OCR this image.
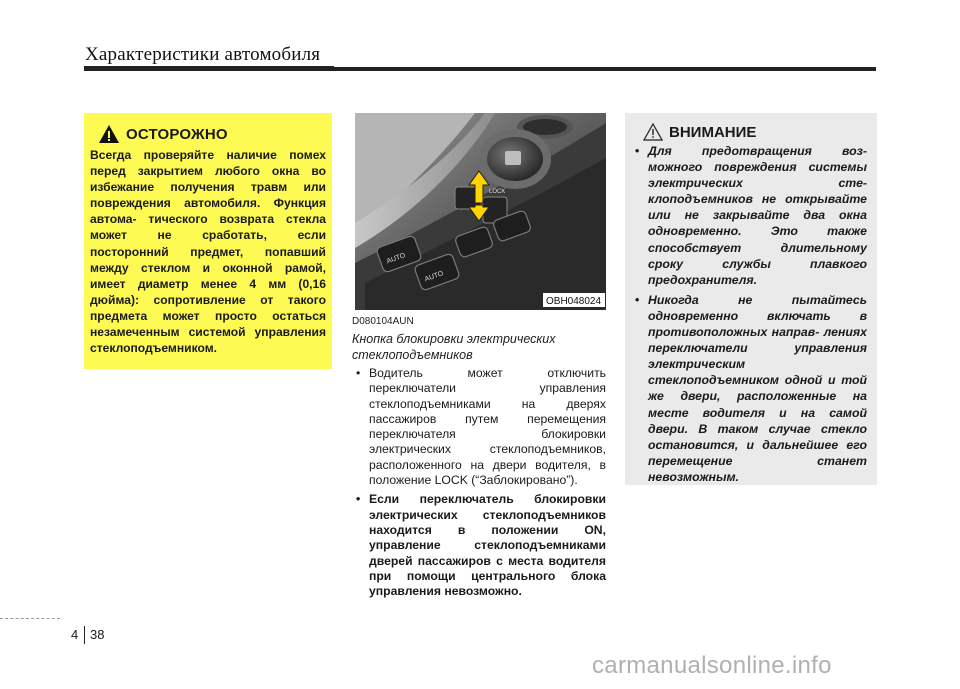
Характеристики автомобиля
ОСТОРОЖНО
Всегда проверяйте наличие помех перед закрытием любого окна во избежание получения травм или повреждения автомобиля. Функция автома- тического возврата стекла может не сработать, если посторонний предмет, попавший между стеклом и оконной рамой, имеет диаметр менее 4 мм (0,16 дюйма): сопротивление от такого предмета может просто остаться незамеченным системой управления стеклоподъемником.
LOCK
AUTO
AUTO
OBH048024
D080104AUN
Кнопка блокировки электрических стеклоподъемников
• Водитель может отключить переключатели управления стеклоподъемниками на дверях пассажиров путем перемещения переключателя блокировки электрических стеклоподъемников, расположенного на двери водителя, в положение LOCK (“Заблокировано”).
• Если переключатель блокировки электрических стеклоподъемников находится в положении ON, управление стеклоподъемниками дверей пассажиров с места водителя при помощи центрального блока управления невозможно.
ВНИМАНИЕ
• Для предотвращения воз- можного повреждения системы электрических сте- клоподъемников не открывайте или не закрывайте два окна одновременно. Это также способствует длительному сроку службы плавкого предохранителя.
• Никогда не пытайтесь одновременно включать в противоположных направ- лениях переключатели управления электрическим стеклоподъемником одной и той же двери, расположенные на месте водителя и на самой двери. В таком случае стекло остановится, и дальнейшее его перемещение станет невозможным.
4 38
carmanualsonline.info
